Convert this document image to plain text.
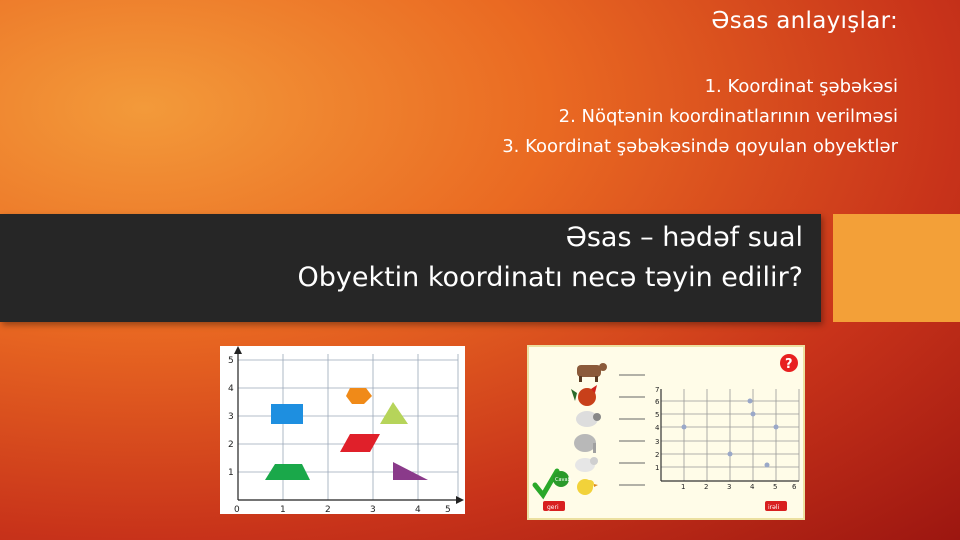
Əsas anlayışlar:
1. Koordinat şəbəkəsi
2. Nöqtənin koordinatlarının verilməsi
3. Koordinat şəbəkəsində qoyulan obyektlər
Əsas – hədəf sual
Obyektin koordinatı necə təyin edilir?
0	1	2	3	4	5
1
2
3
4
5
1	2	3	4	5 6
1
2
3
4
5
6
7
?
Cavab
geri	irəli
